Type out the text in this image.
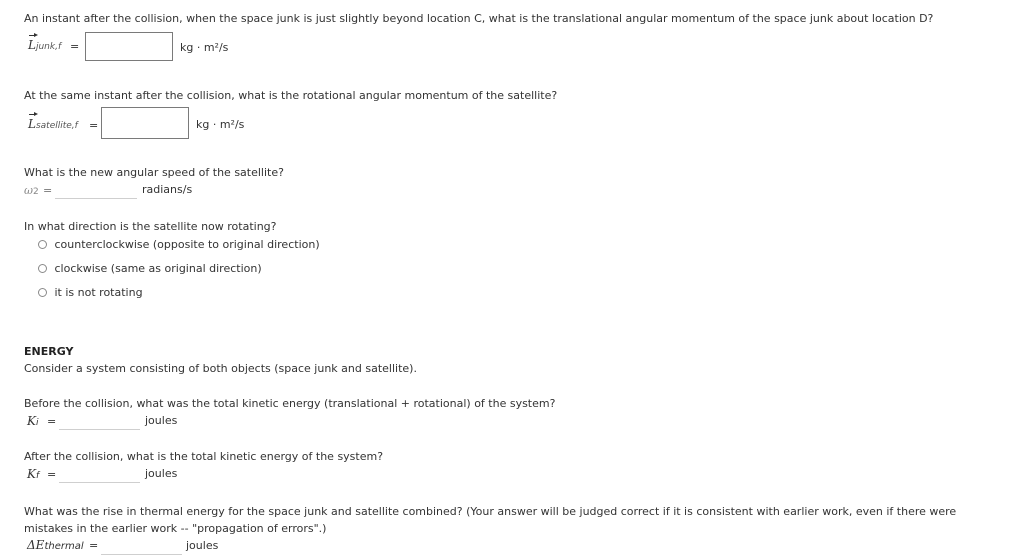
An instant after the collision, when the space junk is just slightly beyond location C, what is the translational angular momentum of the space junk about location D?
Ljunk,f =	kg · m²/s
At the same instant after the collision, what is the rotational angular momentum of the satellite?
Lsatellite,f =	kg · m²/s
What is the new angular speed of the satellite?
ω2 =	radians/s
In what direction is the satellite now rotating?
counterclockwise (opposite to original direction)
clockwise (same as original direction)
it is not rotating
ENERGY
Consider a system consisting of both objects (space junk and satellite).
Before the collision, what was the total kinetic energy (translational + rotational) of the system?
Ki =	joules
After the collision, what is the total kinetic energy of the system?
Kf =	joules
What was the rise in thermal energy for the space junk and satellite combined? (Your answer will be judged correct if it is consistent with earlier work, even if there were mistakes in the earlier work -- "propagation of errors".)
ΔEthermal =	joules
